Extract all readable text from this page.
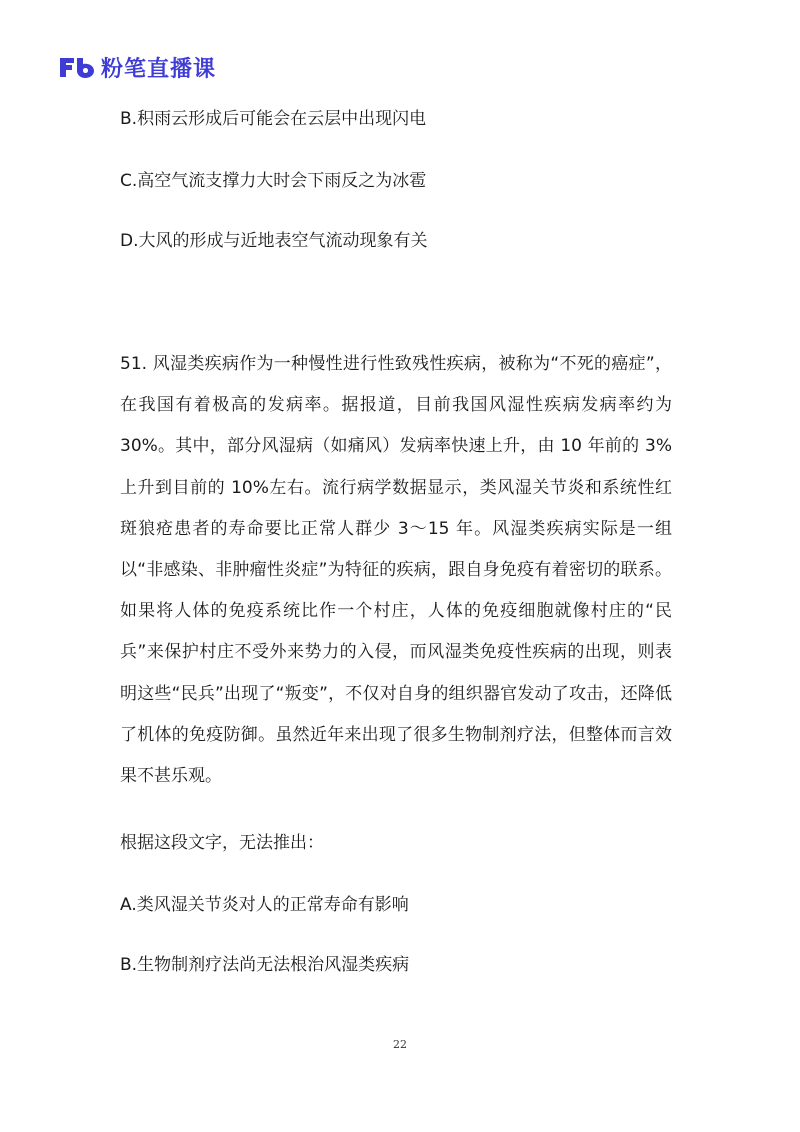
粉笔直播课
B.积雨云形成后可能会在云层中出现闪电
C.高空气流支撑力大时会下雨反之为冰雹
D.大风的形成与近地表空气流动现象有关
51. 风湿类疾病作为一种慢性进行性致残性疾病，被称为“不死的癌症”，在我国有着极高的发病率。据报道，目前我国风湿性疾病发病率约为 30%。其中，部分风湿病（如痛风）发病率快速上升，由 10 年前的 3%上升到目前的 10%左右。流行病学数据显示，类风湿关节炎和系统性红斑狼疮患者的寿命要比正常人群少 3～15 年。风湿类疾病实际是一组以“非感染、非肿瘤性炎症”为特征的疾病，跟自身免疫有着密切的联系。如果将人体的免疫系统比作一个村庄，人体的免疫细胞就像村庄的“民兵”来保护村庄不受外来势力的入侵，而风湿类免疫性疾病的出现，则表明这些“民兵”出现了“叛变”，不仅对自身的组织器官发动了攻击，还降低了机体的免疫防御。虽然近年来出现了很多生物制剂疗法，但整体而言效果不甚乐观。
根据这段文字，无法推出：
A.类风湿关节炎对人的正常寿命有影响
B.生物制剂疗法尚无法根治风湿类疾病
22
